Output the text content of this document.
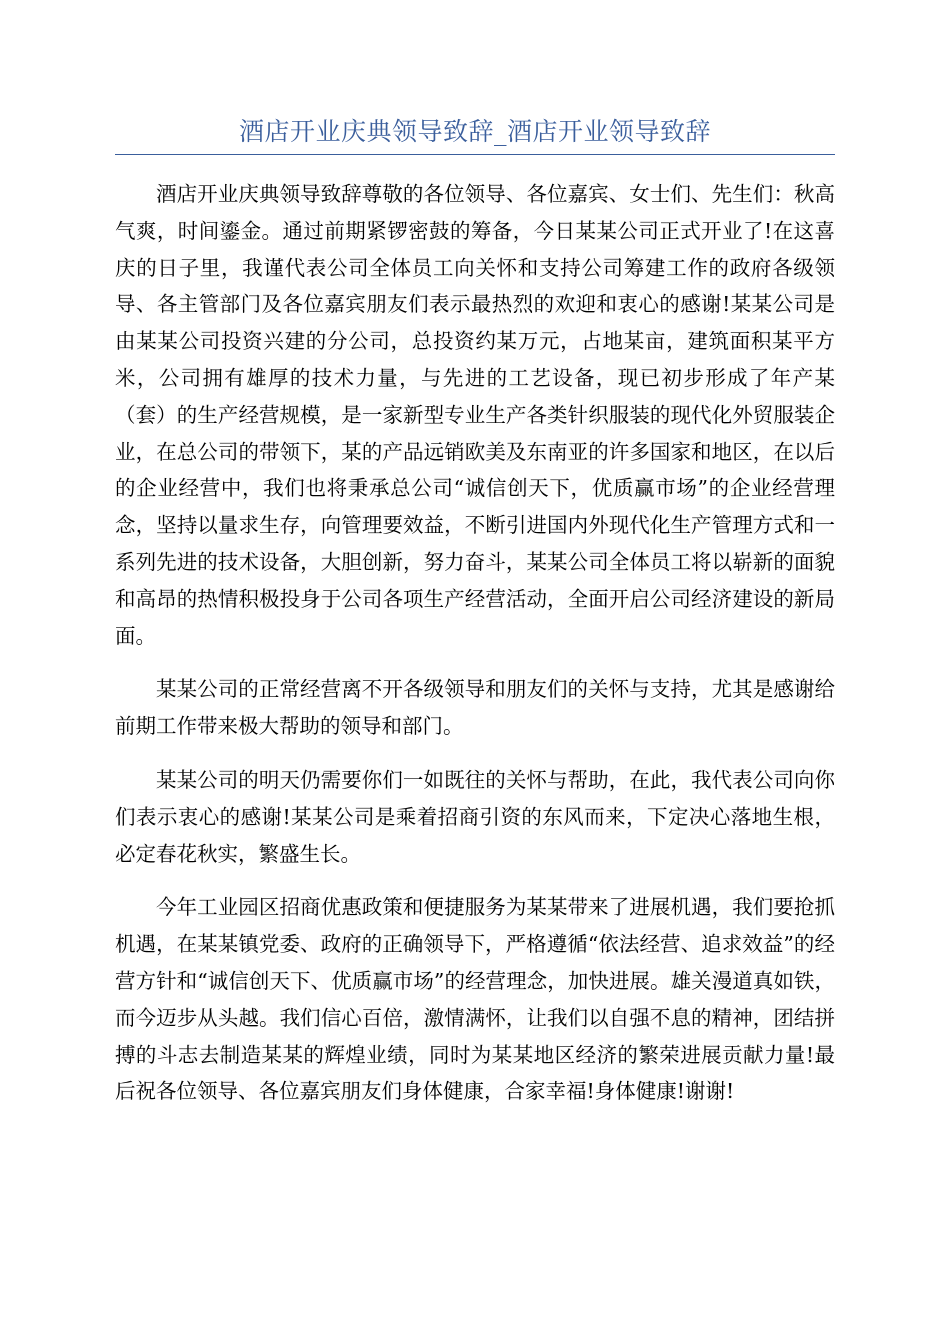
酒店开业庆典领导致辞_酒店开业领导致辞

酒店开业庆典领导致辞尊敬的各位领导、各位嘉宾、女士们、先生们：秋高气爽，时间鎏金。通过前期紧锣密鼓的筹备，今日某某公司正式开业了!在这喜庆的日子里，我谨代表公司全体员工向关怀和支持公司筹建工作的政府各级领导、各主管部门及各位嘉宾朋友们表示最热烈的欢迎和衷心的感谢!某某公司是由某某公司投资兴建的分公司，总投资约某万元，占地某亩，建筑面积某平方米，公司拥有雄厚的技术力量，与先进的工艺设备，现已初步形成了年产某（套）的生产经营规模，是一家新型专业生产各类针织服装的现代化外贸服装企业，在总公司的带领下，某的产品远销欧美及东南亚的许多国家和地区，在以后的企业经营中，我们也将秉承总公司“诚信创天下，优质赢市场”的企业经营理念，坚持以量求生存，向管理要效益，不断引进国内外现代化生产管理方式和一系列先进的技术设备，大胆创新，努力奋斗，某某公司全体员工将以崭新的面貌和高昂的热情积极投身于公司各项生产经营活动，全面开启公司经济建设的新局面。

某某公司的正常经营离不开各级领导和朋友们的关怀与支持，尤其是感谢给前期工作带来极大帮助的领导和部门。

某某公司的明天仍需要你们一如既往的关怀与帮助，在此，我代表公司向你们表示衷心的感谢!某某公司是乘着招商引资的东风而来，下定决心落地生根，必定春花秋实，繁盛生长。

今年工业园区招商优惠政策和便捷服务为某某带来了进展机遇，我们要抢抓机遇，在某某镇党委、政府的正确领导下，严格遵循“依法经营、追求效益”的经营方针和“诚信创天下、优质赢市场”的经营理念，加快进展。雄关漫道真如铁，而今迈步从头越。我们信心百倍，激情满怀，让我们以自强不息的精神，团结拼搏的斗志去制造某某的辉煌业绩，同时为某某地区经济的繁荣进展贡献力量!最后祝各位领导、各位嘉宾朋友们身体健康，合家幸福!身体健康!谢谢!
